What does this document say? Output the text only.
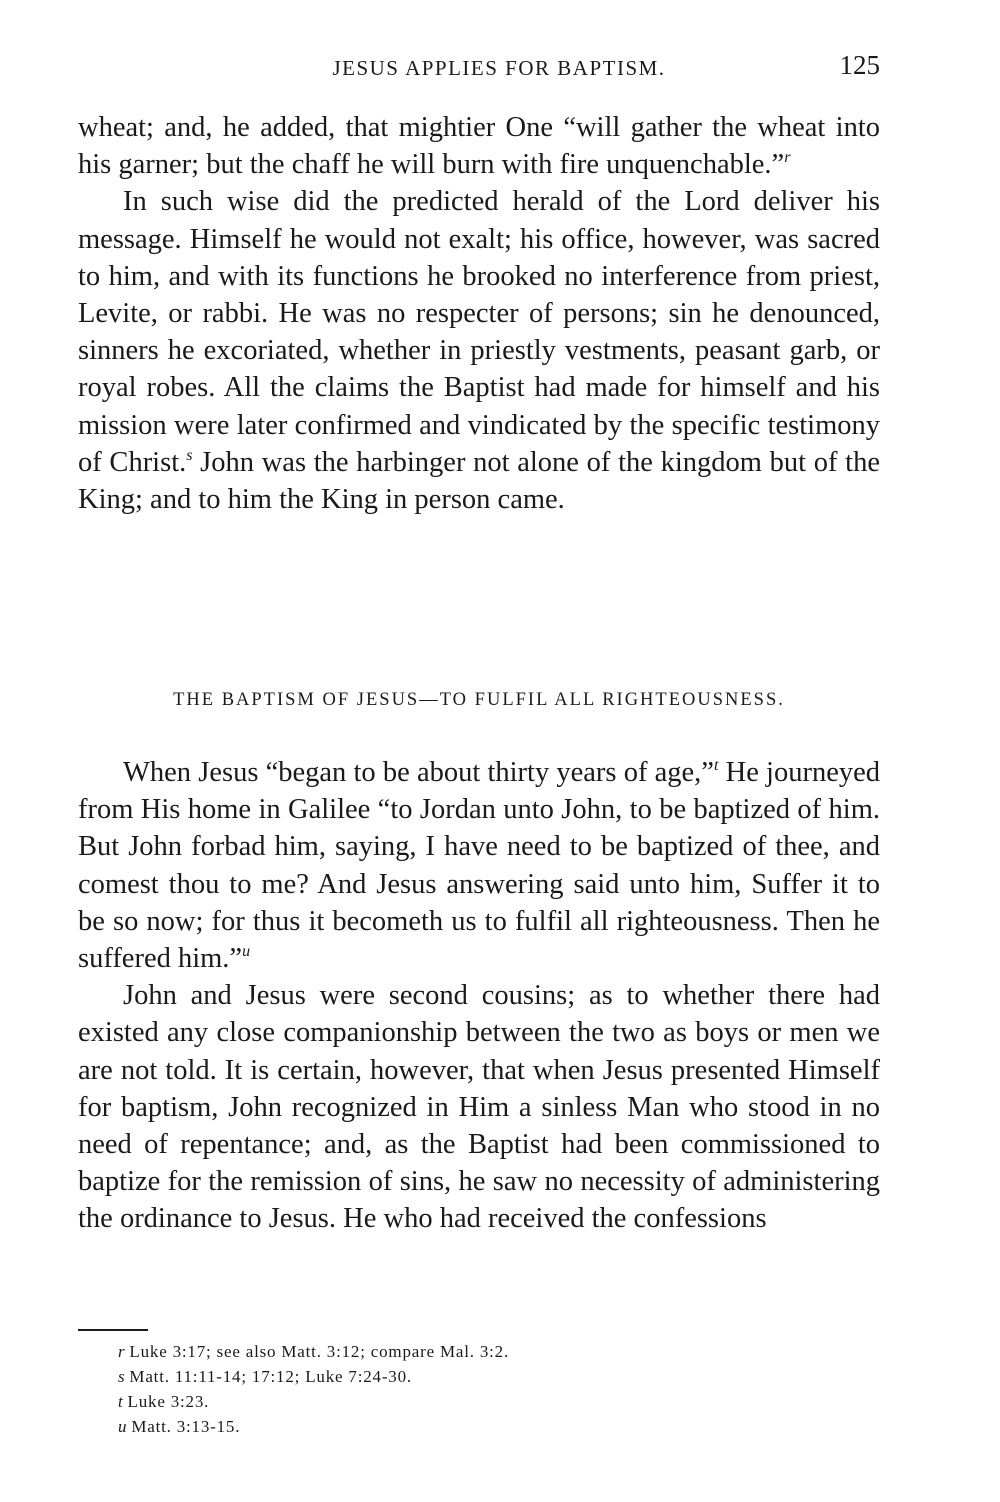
JESUS APPLIES FOR BAPTISM.	125

wheat; and, he added, that mightier One “will gather the wheat into his garner; but the chaff he will burn with fire unquenchable.”$^r$

In such wise did the predicted herald of the Lord deliver his message. Himself he would not exalt; his office, however, was sacred to him, and with its functions he brooked no interference from priest, Levite, or rabbi. He was no respecter of persons; sin he denounced, sinners he excoriated, whether in priestly vestments, peasant garb, or royal robes. All the claims the Baptist had made for himself and his mission were later confirmed and vindicated by the specific testimony of Christ.$^s$ John was the harbinger not alone of the kingdom but of the King; and to him the King in person came.

THE BAPTISM OF JESUS—TO FULFIL ALL RIGHTEOUSNESS.

When Jesus “began to be about thirty years of age,”$^t$ He journeyed from His home in Galilee “to Jordan unto John, to be baptized of him. But John forbad him, saying, I have need to be baptized of thee, and comest thou to me? And Jesus answering said unto him, Suffer it to be so now; for thus it becometh us to fulfil all righteousness. Then he suffered him.”$^u$

John and Jesus were second cousins; as to whether there had existed any close companionship between the two as boys or men we are not told. It is certain, however, that when Jesus presented Himself for baptism, John recognized in Him a sinless Man who stood in no need of repentance; and, as the Baptist had been commissioned to baptize for the remission of sins, he saw no necessity of administering the ordinance to Jesus. He who had received the confessions

r Luke 3:17; see also Matt. 3:12; compare Mal. 3:2.
s Matt. 11:11-14; 17:12; Luke 7:24-30.
t Luke 3:23.
u Matt. 3:13-15.
